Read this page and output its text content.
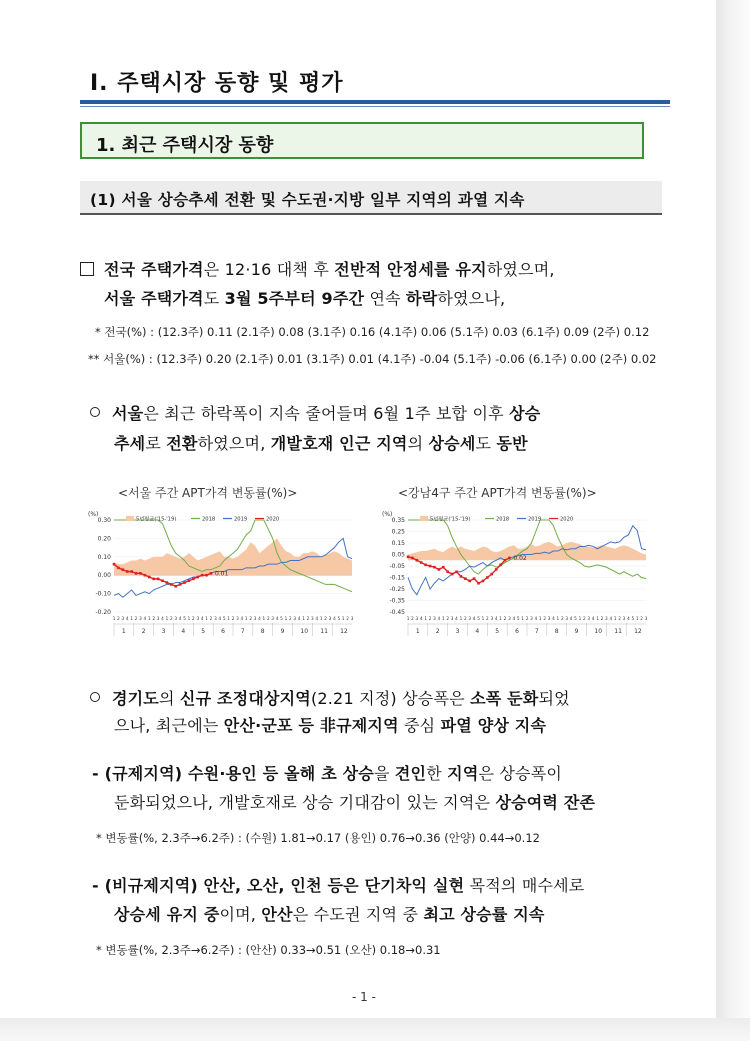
Ⅰ. 주택시장 동향 및 평가
1. 최근 주택시장 동향
(1) 서울 상승추세 전환 및 수도권·지방 일부 지역의 과열 지속
전국 주택가격은 12·16 대책 후 전반적 안정세를 유지하였으며,
서울 주택가격도 3월 5주부터 9주간 연속 하락하였으나,
* 전국(%) : (12.3주) 0.11 (2.1주) 0.08 (3.1주) 0.16 (4.1주) 0.06 (5.1주) 0.03 (6.1주) 0.09 (2주) 0.12
** 서울(%) : (12.3주) 0.20 (2.1주) 0.01 (3.1주) 0.01 (4.1주) -0.04 (5.1주) -0.06 (6.1주) 0.00 (2주) 0.02
서울은 최근 하락폭이 지속 줄어들며 6월 1주 보합 이후 상승
추세로 전환하였으며, 개발호재 인근 지역의 상승세도 동반
<서울 주간 APT가격 변동률(%)>	<강남4구 주간 APT가격 변동률(%)>
(%)
0.30
0.20
0.10
0.00
-0.10
-0.20
0.01
5년평균('15-'19)	2018	2019	2020
1 2 3 4 1 2 3 4 1 2 3 4 1 2 3 4 5 1 2 3 4 1 2 3 4 5 1 2 3 4 1 2 3 4 1 2 3 4 5 1 2 3 4 1 2 3 4 1 2 3 4 5 1 2 3
1	2	3	4	5	6	7	8	9	10 11 12
(%)
0.35
0.25
0.15
0.05
-0.05
-0.15
-0.25
-0.35
-0.45
0.02
5년평균('15-'19)	2018	2019	2020
1 2 3 4 1 2 3 4 1 2 3 4 1 2 3 4 5 1 2 3 4 1 2 3 4 5 1 2 3 4 1 2 3 4 1 2 3 4 5 1 2 3 4 1 2 3 4 1 2 3 4 5 1 2 3
1	2	3	4	5	6	7	8	9	10 11 12
경기도의 신규 조정대상지역(2.21 지정) 상승폭은 소폭 둔화되었
으나, 최근에는 안산·군포 등 非규제지역 중심 파열 양상 지속
- (규제지역) 수원·용인 등 올해 초 상승을 견인한 지역은 상승폭이
둔화되었으나, 개발호재로 상승 기대감이 있는 지역은 상승여력 잔존
* 변동률(%, 2.3주→6.2주) : (수원) 1.81→0.17 (용인) 0.76→0.36 (안양) 0.44→0.12
- (비규제지역) 안산, 오산, 인천 등은 단기차익 실현 목적의 매수세로
상승세 유지 중이며, 안산은 수도권 지역 중 최고 상승률 지속
* 변동률(%, 2.3주→6.2주) : (안산) 0.33→0.51 (오산) 0.18→0.31
- 1 -
